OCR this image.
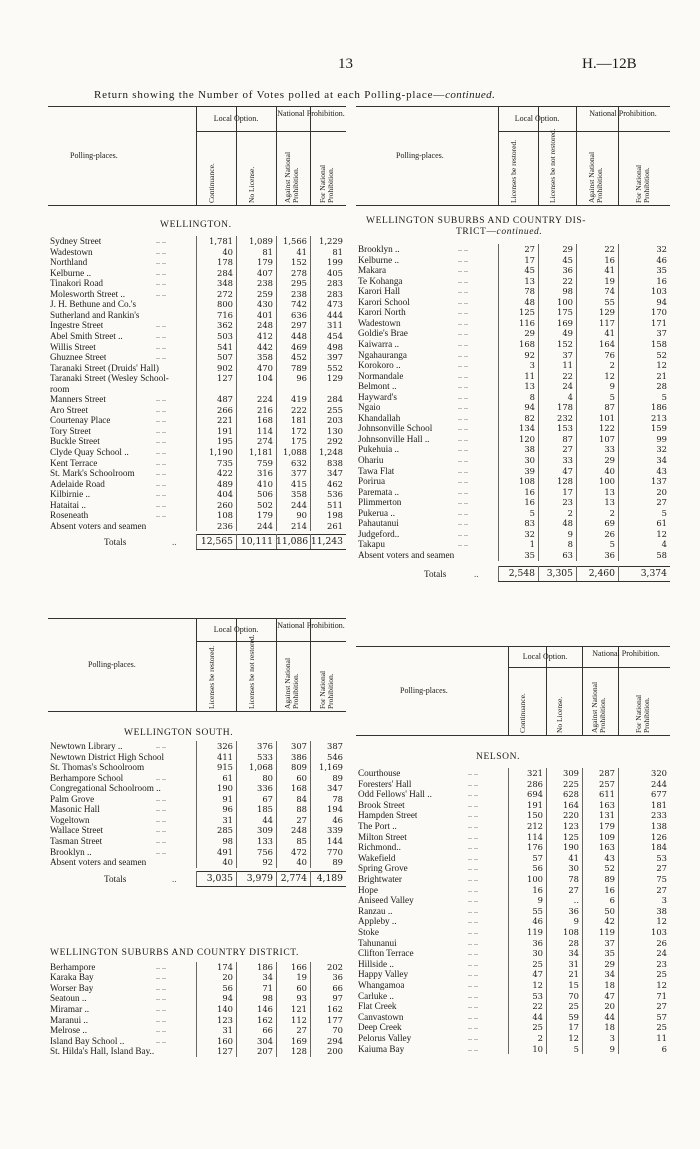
13	H.—12B
Return showing the Number of Votes polled at each Polling-place—continued.
Polling-places.
Local Option.
National Prohibition.
Continuance.	No License.	Against National Prohibition. For National Prohibition.
WELLINGTON.
Sydney Street	.. ..	1,781	1,089	1,566	1,229
Wadestown	.. ..	40	81	41	81
Northland	.. ..	178	179	152	199
Kelburne ..	.. ..	284	407	278	405
Tinakori Road	.. ..	348	238	295	283
Molesworth Street ..	.. ..	272	259	238	283
J. H. Bethune and Co.'s	800	430	742	473
Sutherland and Rankin's	716	401	636	444
Ingestre Street	.. ..	362	248	297	311
Abel Smith Street ..	.. ..	503	412	448	454
Willis Street	.. ..	541	442	469	498
Ghuznee Street	.. ..	507	358	452	397
Taranaki Street (Druids' Hall)	902	470	789	552
Taranaki Street (Wesley School-	127	104	96	129
room
Manners Street	.. ..	487	224	419	284
Aro Street	.. ..	266	216	222	255
Courtenay Place	.. ..	221	168	181	203
Tory Street	.. ..	191	114	172	130
Buckle Street	.. ..	195	274	175	292
Clyde Quay School ..	.. ..	1,190	1,181	1,088	1,248
Kent Terrace	.. ..	735	759	632	838
St. Mark's Schoolroom	.. ..	422	316	377	347
Adelaide Road	.. ..	489	410	415	462
Kilbirnie ..	.. ..	404	506	358	536
Hataitai ..	.. ..	260	502	244	511
Roseneath	.. ..	108	179	90	198
Absent voters and seamen	236	244	214	261
Totals	..	12,565 10,111 11,086 11,243
Polling-places.
Local Option.
National Prohibition.
Licenses be restored.	Licenses be not restored.	Against National Prohibition.	For National Prohibition.
WELLINGTON SUBURBS AND COUNTRY DIS-
TRICT—continued.
Brooklyn ..	.. ..	27	29	22	32
Kelburne ..	.. ..	17	45	16	46
Makara	.. ..	45	36	41	35
Te Kohanga	.. ..	13	22	19	16
Karori Hall	.. ..	78	98	74	103
Karori School	.. ..	48	100	55	94
Karori North	.. ..	125	175	129	170
Wadestown	.. ..	116	169	117	171
Goldie's Brae	.. ..	29	49	41	37
Kaiwarra ..	.. ..	168	152	164	158
Ngahauranga	.. ..	92	37	76	52
Korokoro ..	.. ..	3	11	2	12
Normandale	.. ..	11	22	12	21
Belmont ..	.. ..	13	24	9	28
Hayward's	.. ..	8	4	5	5
Ngaio	.. ..	94	178	87	186
Khandallah	.. ..	82	232	101	213
Johnsonville School	.. ..	134	153	122	159
Johnsonville Hall ..	.. ..	120	87	107	99
Pukehuia ..	.. ..	38	27	33	32
Ohariu	.. ..	30	33	29	34
Tawa Flat	.. ..	39	47	40	43
Porirua	.. ..	108	128	100	137
Paremata ..	.. ..	16	17	13	20
Plimmerton	.. ..	16	23	13	27
Pukerua ..	.. ..	5	2	2	5
Pahautanui	.. ..	83	48	69	61
Judgeford..	.. ..	32	9	26	12
Takapu	.. ..	1	8	5	4
Absent voters and seamen	35	63	36	58
Totals	..	2,548	3,305	2,460	3,374
Polling-places.
Local Option.	National Prohibition.
Licenses be restored.	Licenses be not restored.	Against National Prohibition. For National Prohibition.
WELLINGTON SOUTH.
Newtown Library ..	.. ..	326	376	307	387
Newtown District High School	411	533	386	546
St. Thomas's Schoolroom	915	1,068	809	1,169
Berhampore School	.. ..	61	80	60	89
Congregational Schoolroom ..	190	336	168	347
Palm Grove	.. ..	91	67	84	78
Masonic Hall	.. ..	96	185	88	194
Vogeltown	.. ..	31	44	27	46
Wallace Street	.. ..	285	309	248	339
Tasman Street	.. ..	98	133	85	144
Brooklyn ..	.. ..	491	756	472	770
Absent voters and seamen	40	92	40	89
Totals	..	3,035	3,979 2,774	4,189
WELLINGTON SUBURBS AND COUNTRY DISTRICT.
Berhampore	.. ..	174	186	166	202
Karaka Bay	.. ..	20	34	19	36
Worser Bay	.. ..	56	71	60	66
Seatoun ..	.. ..	94	98	93	97
Miramar ..	.. ..	140	146	121	162
Maranui ..	.. ..	123	162	112	177
Melrose ..	.. ..	31	66	27	70
Island Bay School ..	.. ..	160	304	169	294
St. Hilda's Hall, Island Bay..	127	207	128	200
Polling-places.
Local Option.	National Prohibition.
Continuance.	No License.	Against National Prohibition.	For National Prohibition.
NELSON.
Courthouse	.. ..	321	309	287	320
Foresters' Hall	.. ..	286	225	257	244
Odd Fellows' Hall ..	.. ..	694	628	611	677
Brook Street	.. ..	191	164	163	181
Hampden Street	.. ..	150	220	131	233
The Port ..	.. ..	212	123	179	138
Milton Street	.. ..	114	125	109	126
Richmond..	.. ..	176	190	163	184
Wakefield	.. ..	57	41	43	53
Spring Grove	.. ..	56	30	52	27
Brightwater	.. ..	100	78	89	75
Hope	.. ..	16	27	16	27
Aniseed Valley	.. ..	9	..	6	3
Ranzau ..	.. ..	55	36	50	38
Appleby ..	.. ..	46	9	42	12
Stoke	.. ..	119	108	119	103
Tahunanui	.. ..	36	28	37	26
Clifton Terrace	.. ..	30	34	35	24
Hillside ..	.. ..	25	31	29	23
Happy Valley	.. ..	47	21	34	25
Whangamoa	.. ..	12	15	18	12
Carluke ..	.. ..	53	70	47	71
Flat Creek	.. ..	22	25	20	27
Canvastown	.. ..	44	59	44	57
Deep Creek	.. ..	25	17	18	25
Pelorus Valley	.. ..	2	12	3	11
Kaiuma Bay	.. ..	10	5	9	6
